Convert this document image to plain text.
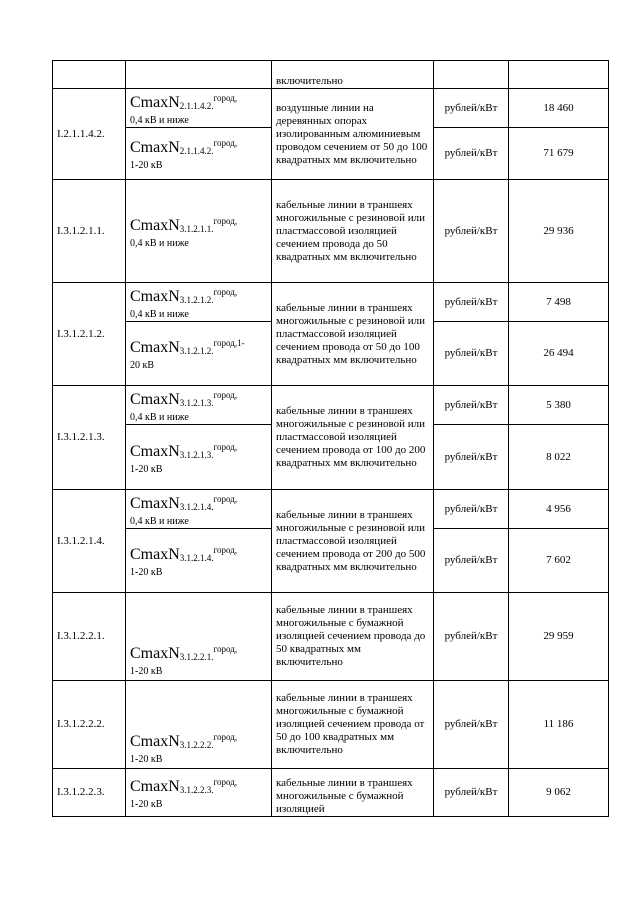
		включительно		
I.2.1.1.4.2.	CmaxN$_{2.1.1.4.2.}^{город,}$
0,4 кВ и ниже	воздушные линии на деревянных опорах изолированным алюминиевым проводом сечением от 50 до 100 квадратных мм включительно	рублей/кВт	18 460
	CmaxN$_{2.1.1.4.2.}^{город,}$
1-20 кВ		рублей/кВт	71 679
I.3.1.2.1.1.	CmaxN$_{3.1.2.1.1.}^{город,}$
0,4 кВ и ниже	кабельные линии в траншеях многожильные с резиновой или пластмассовой изоляцией сечением провода до 50 квадратных мм включительно	рублей/кВт	29 936
I.3.1.2.1.2.	CmaxN$_{3.1.2.1.2.}^{город,}$
0,4 кВ и ниже	кабельные линии в траншеях многожильные с резиновой или пластмассовой изоляцией сечением провода от 50 до 100 квадратных мм включительно	рублей/кВт	7 498
	CmaxN$_{3.1.2.1.2.}^{город,1-}$
20 кВ		рублей/кВт	26 494
I.3.1.2.1.3.	CmaxN$_{3.1.2.1.3.}^{город,}$
0,4 кВ и ниже	кабельные линии в траншеях многожильные с резиновой или пластмассовой изоляцией сечением провода от 100 до 200 квадратных мм включительно	рублей/кВт	5 380
	CmaxN$_{3.1.2.1.3.}^{город,}$
1-20 кВ		рублей/кВт	8 022
I.3.1.2.1.4.	CmaxN$_{3.1.2.1.4.}^{город,}$
0,4 кВ и ниже	кабельные линии в траншеях многожильные с резиновой или пластмассовой изоляцией сечением провода от 200 до 500 квадратных мм включительно	рублей/кВт	4 956
	CmaxN$_{3.1.2.1.4.}^{город,}$
1-20 кВ		рублей/кВт	7 602
I.3.1.2.2.1.	CmaxN$_{3.1.2.2.1.}^{город,}$
1-20 кВ	кабельные линии в траншеях многожильные с бумажной изоляцией сечением провода до 50 квадратных мм включительно	рублей/кВт	29 959
I.3.1.2.2.2.	CmaxN$_{3.1.2.2.2.}^{город,}$
1-20 кВ	кабельные линии в траншеях многожильные с бумажной изоляцией сечением провода от 50 до 100 квадратных мм включительно	рублей/кВт	11 186
I.3.1.2.2.3.	CmaxN$_{3.1.2.2.3.}^{город,}$
1-20 кВ	кабельные линии в траншеях многожильные с бумажной изоляцией	рублей/кВт	9 062
